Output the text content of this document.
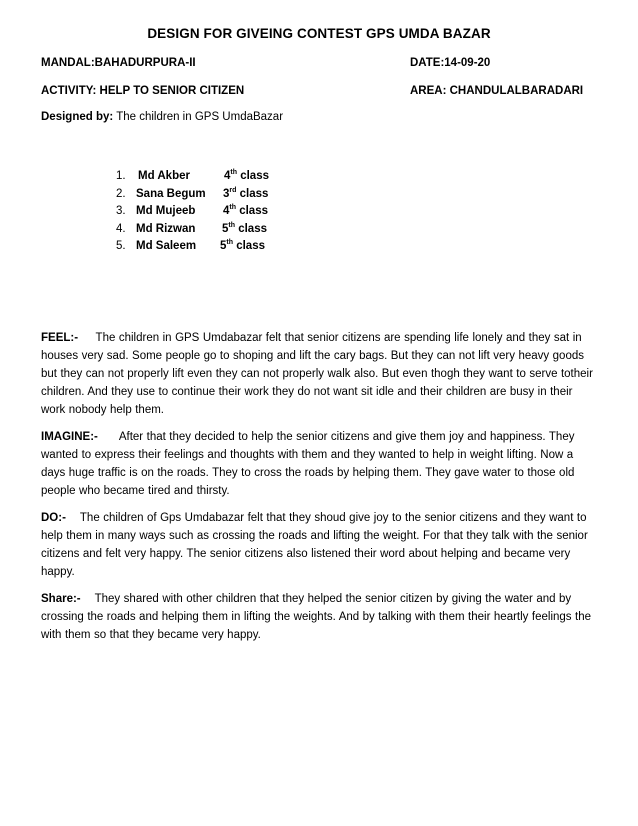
DESIGN FOR GIVEING CONTEST GPS UMDA BAZAR
MANDAL:BAHADURPURA-II	DATE:14-09-20
ACTIVITY: HELP TO SENIOR CITIZEN	AREA: CHANDULALBARADARI
Designed by: The children in GPS UmdaBazar
1.	Md Akber	4th class
2. Sana Begum 3rd class
3. Md Mujeeb 4th class
4. Md Rizwan 5th class
5. Md Saleem 5th class
FEEL:- The children in GPS Umdabazar felt that senior citizens are spending life lonely and they sat in houses very sad. Some people go to shoping and lift the cary bags. But they can not lift very heavy goods but they can not properly lift even they can not properly walk also. But even thogh they want to serve totheir children. And they use to continue their work they do not want sit idle and their children are busy in their work nobody help them.
IMAGINE:- After that they decided to help the senior citizens and give them joy and happiness. They wanted to express their feelings and thoughts with them and they wanted to help in weight lifting. Now a days huge traffic is on the roads. They to cross the roads by helping them. They gave water to those old people who became tired and thirsty.
DO:- The children of Gps Umdabazar felt that they shoud give joy to the senior citizens and they want to help them in many ways such as crossing the roads and lifting the weight. For that they talk with the senior citizens and felt very happy. The senior citizens also listened their word about helping and became very happy.
Share:- They shared with other children that they helped the senior citizen by giving the water and by crossing the roads and helping them in lifting the weights. And by talking with them their heartly feelings the with them so that they became very happy.
